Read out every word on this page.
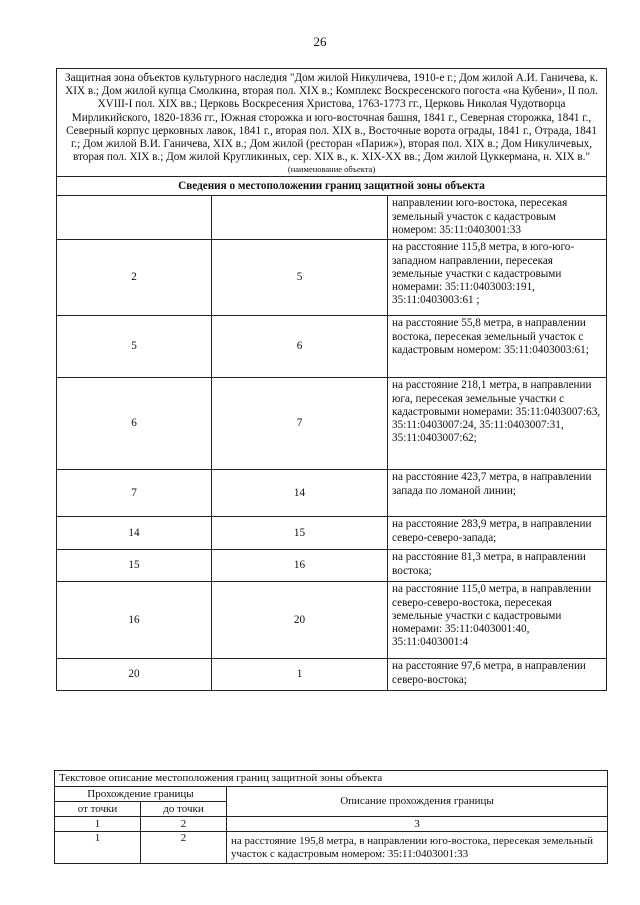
26
Защитная зона объектов культурного наследия "Дом жилой Никуличева, 1910-е г.; Дом жилой А.И. Ганичева, к. XIX в.; Дом жилой купца Смолкина, вторая пол. XIX в.; Комплекс Воскресенского погоста «на Кубени», II пол. XVIII-I пол. XIX вв.; Церковь Воскресения Христова, 1763-1773 гг., Церковь Николая Чудотворца Мирликийского, 1820-1836 гг., Южная сторожка и юго-восточная башня, 1841 г., Северная сторожка, 1841 г., Северный корпус церковных лавок, 1841 г., вторая пол. XIX в., Восточные ворота ограды, 1841 г., Отрада, 1841 г.; Дом жилой В.И. Ганичева, XIX в.; Дом жилой (ресторан «Париж»), вторая пол. XIX в.; Дом Никуличевых, вторая пол. XIX в.; Дом жилой Кругликиных, сер. XIX в., к. XIX-XX вв.; Дом жилой Цуккермана, н. XIX в."
(наименование объекта)		

Сведения о местоположении границ защитной зоны объекта		
		направлении юго-востока, пересекая земельный участок с кадастровым номером: 35:11:0403001:33
2	5	на расстояние 115,8 метра, в юго-юго-западном направлении, пересекая земельные участки с кадастровыми номерами: 35:11:0403003:191, 35:11:0403003:61 ;
5	6	на расстояние 55,8 метра, в направлении востока, пересекая земельный участок с кадастровым номером: 35:11:0403003:61;
6	7	на расстояние 218,1 метра, в направлении юга, пересекая земельные участки с кадастровыми номерами: 35:11:0403007:63, 35:11:0403007:24, 35:11:0403007:31, 35:11:0403007:62;
7	14	на расстояние 423,7 метра, в направлении запада по ломаной линии;
14	15	на расстояние 283,9 метра, в направлении северо-северо-запада;
15	16	на расстояние 81,3 метра, в направлении востока;
16	20	на расстояние 115,0 метра, в направлении северо-северо-востока, пересекая земельные участки с кадастровыми номерами: 35:11:0403001:40, 35:11:0403001:4
20	1	на расстояние 97,6 метра, в направлении северо-востока;
Текстовое описание местоположения границ защитной зоны объекта		
Прохождение границы		Описание прохождения границы
от точки	до точки	
1	2	3
1	2	на расстояние 195,8 метра, в направлении юго-востока, пересекая земельный участок с кадастровым номером: 35:11:0403001:33
